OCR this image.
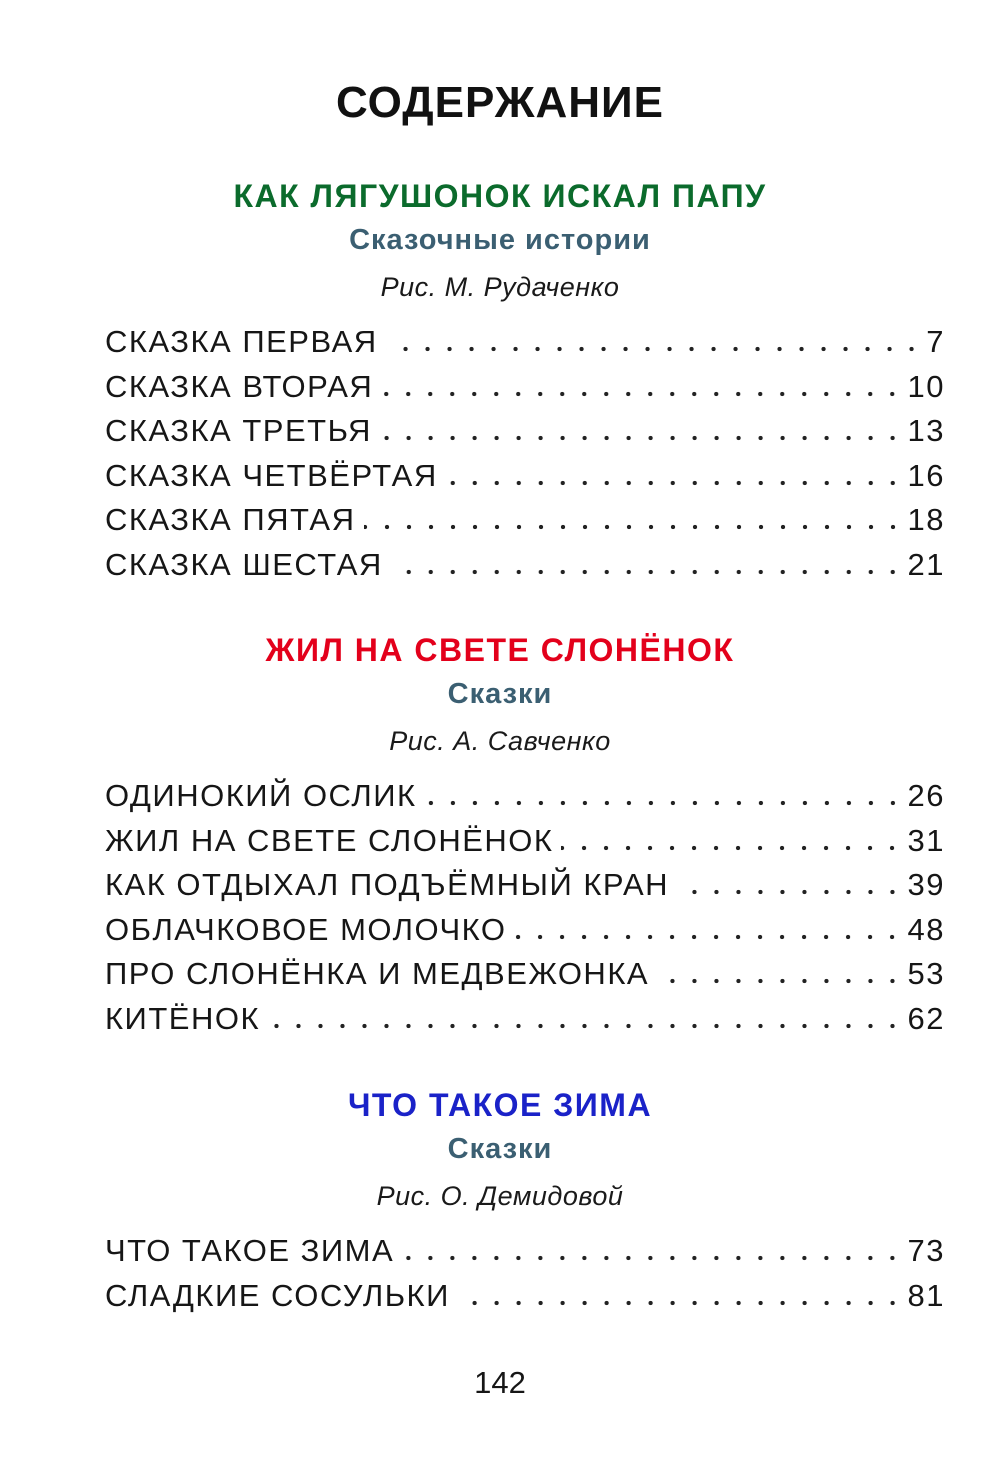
СОДЕРЖАНИЕ
КАК ЛЯГУШОНОК ИСКАЛ ПАПУ
Сказочные истории
Рис. М. Рудаченко
СКАЗКА ПЕРВАЯ	7
СКАЗКА ВТОРАЯ	10
СКАЗКА ТРЕТЬЯ	13
СКАЗКА ЧЕТВЁРТАЯ	16
СКАЗКА ПЯТАЯ	18
СКАЗКА ШЕСТАЯ	21
ЖИЛ НА СВЕТЕ СЛОНЁНОК
Сказки
Рис. А. Савченко
ОДИНОКИЙ ОСЛИК	26
ЖИЛ НА СВЕТЕ СЛОНЁНОК	31
КАК ОТДЫХАЛ ПОДЪЁМНЫЙ КРАН	39
ОБЛАЧКОВОЕ МОЛОЧКО	48
ПРО СЛОНЁНКА И МЕДВЕЖОНКА	53
КИТЁНОК	62
ЧТО ТАКОЕ ЗИМА
Сказки
Рис. О. Демидовой
ЧТО ТАКОЕ ЗИМА	73
СЛАДКИЕ СОСУЛЬКИ	81
142
